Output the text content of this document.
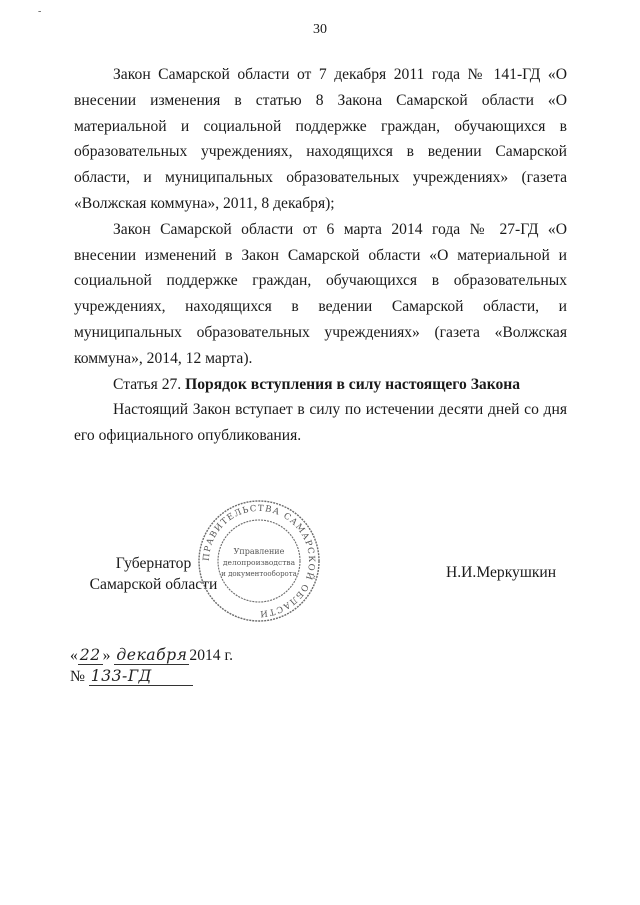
-
30

Закон Самарской области от 7 декабря 2011 года № 141-ГД «О внесении изменения в статью 8 Закона Самарской области «О материальной и социальной поддержке граждан, обучающихся в образовательных учреждениях, находящихся в ведении Самарской области, и муниципальных образовательных учреждениях» (газета «Волжская коммуна», 2011, 8 декабря);

Закон Самарской области от 6 марта 2014 года № 27-ГД «О внесении изменений в Закон Самарской области «О материальной и социальной поддержке граждан, обучающихся в образовательных учреждениях, находящихся в ведении Самарской области, и муниципальных образовательных учреждениях» (газета «Волжская коммуна», 2014, 12 марта).

Статья 27. Порядок вступления в силу настоящего Закона

Настоящий Закон вступает в силу по истечении десяти дней со дня его официального опубликования.

Губернатор
Самарской области
ПРАВИТЕЛЬСТВА САМАРСКОЙ ОБЛАСТИ
Управление
делопроизводства
и документооборота	Н.И.Меркушкин
« 22 » декабря 2014 г.
№ 133-ГД
